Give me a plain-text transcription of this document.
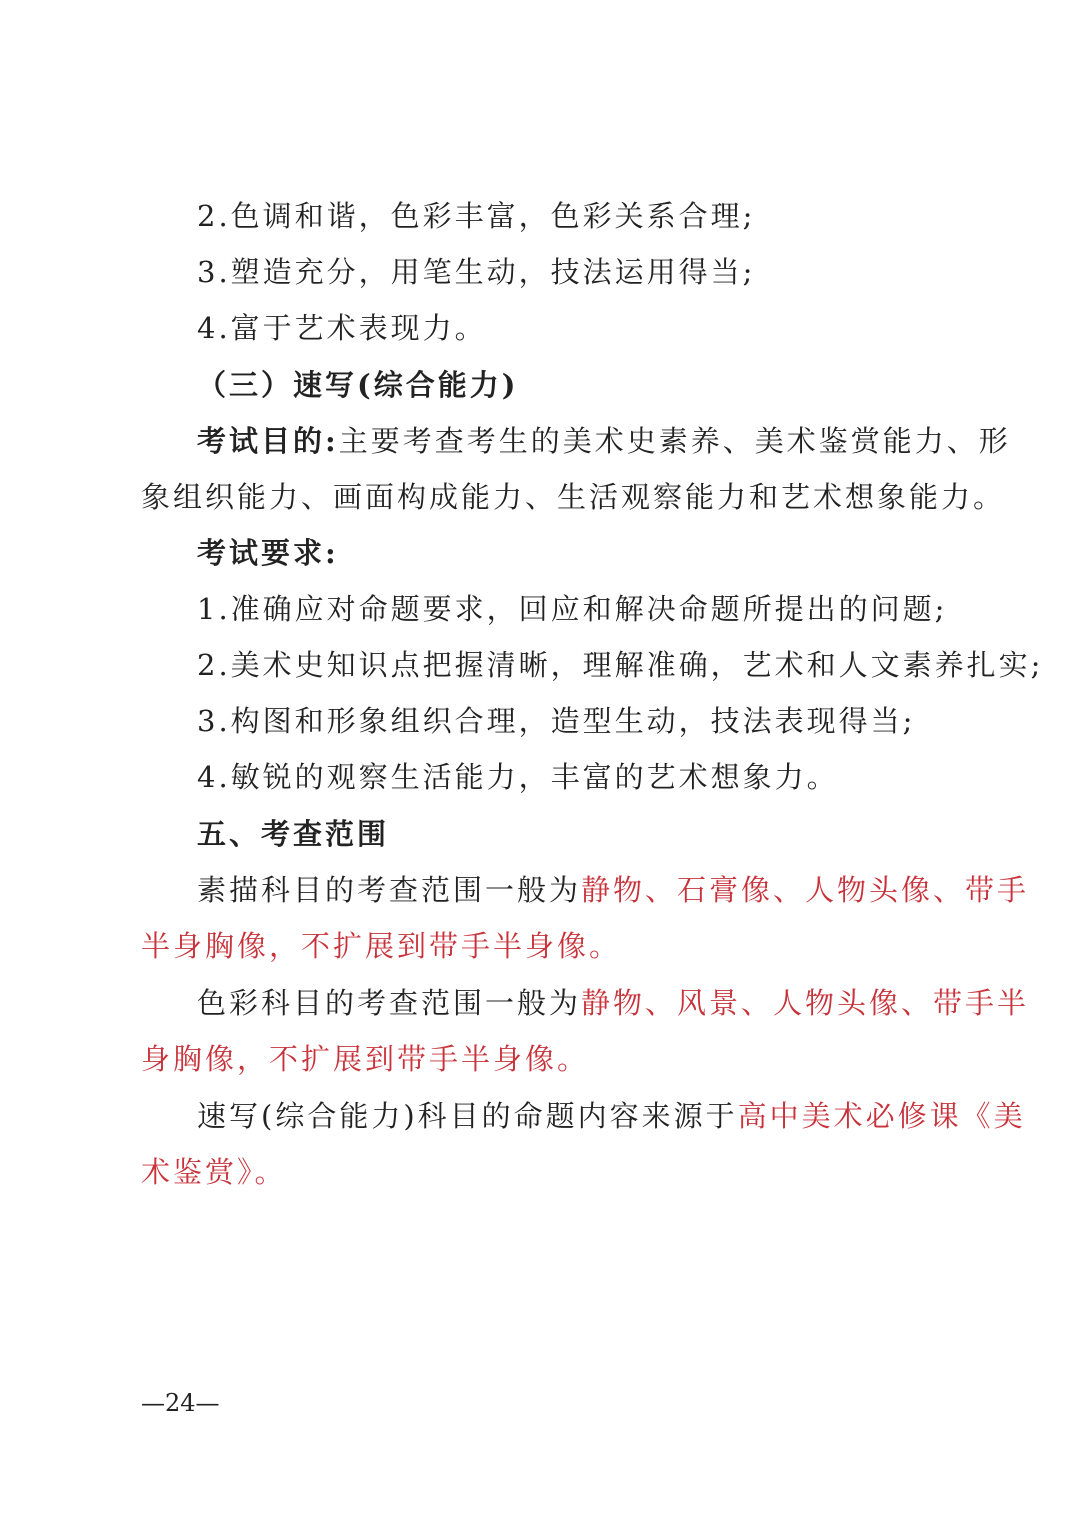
2.色调和谐，色彩丰富，色彩关系合理;
3.塑造充分，用笔生动，技法运用得当;
4.富于艺术表现力。
（三）速写(综合能力)
考试目的:主要考查考生的美术史素养、美术鉴赏能力、形
象组织能力、画面构成能力、生活观察能力和艺术想象能力。
考试要求:
1.准确应对命题要求，回应和解决命题所提出的问题;
2.美术史知识点把握清晰，理解准确，艺术和人文素养扎实;
3.构图和形象组织合理，造型生动，技法表现得当;
4.敏锐的观察生活能力，丰富的艺术想象力。
五、考查范围
素描科目的考查范围一般为静物、石膏像、人物头像、带手
半身胸像，不扩展到带手半身像。
色彩科目的考查范围一般为静物、风景、人物头像、带手半
身胸像，不扩展到带手半身像。
速写(综合能力)科目的命题内容来源于高中美术必修课《美
术鉴赏》。
—24—
